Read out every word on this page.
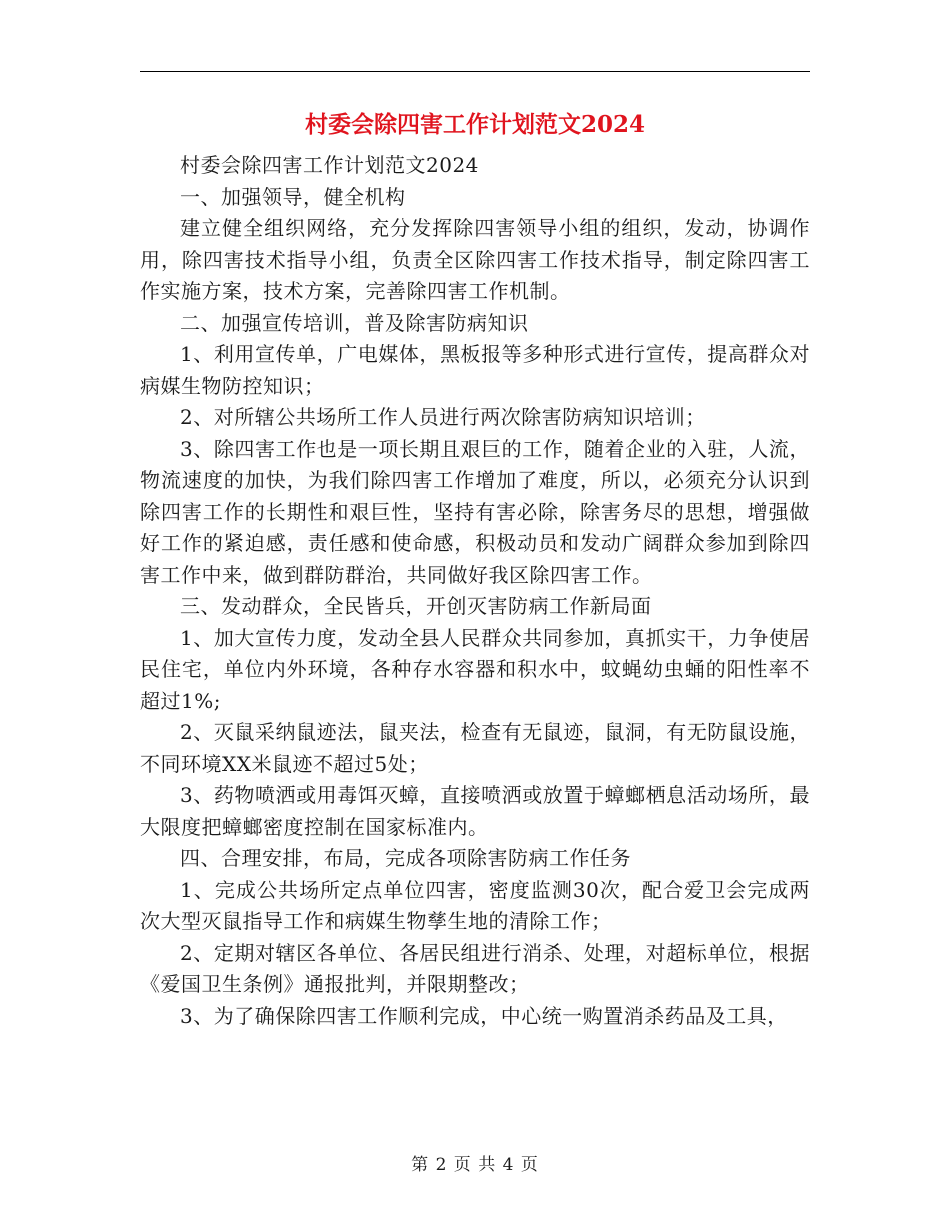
村委会除四害工作计划范文2024

村委会除四害工作计划范文2024

一、加强领导，健全机构

建立健全组织网络，充分发挥除四害领导小组的组织，发动，协调作用，除四害技术指导小组，负责全区除四害工作技术指导，制定除四害工作实施方案，技术方案，完善除四害工作机制。

二、加强宣传培训，普及除害防病知识

1、利用宣传单，广电媒体，黑板报等多种形式进行宣传，提高群众对病媒生物防控知识；

2、对所辖公共场所工作人员进行两次除害防病知识培训；

3、除四害工作也是一项长期且艰巨的工作，随着企业的入驻，人流，物流速度的加快，为我们除四害工作增加了难度，所以，必须充分认识到除四害工作的长期性和艰巨性，坚持有害必除，除害务尽的思想，增强做好工作的紧迫感，责任感和使命感，积极动员和发动广阔群众参加到除四害工作中来，做到群防群治，共同做好我区除四害工作。

三、发动群众，全民皆兵，开创灭害防病工作新局面

1、加大宣传力度，发动全县人民群众共同参加，真抓实干，力争使居民住宅，单位内外环境，各种存水容器和积水中，蚊蝇幼虫蛹的阳性率不超过1%;

2、灭鼠采纳鼠迹法，鼠夹法，检查有无鼠迹，鼠洞，有无防鼠设施，不同环境XX米鼠迹不超过5处；

3、药物喷洒或用毒饵灭蟑，直接喷洒或放置于蟑螂栖息活动场所，最大限度把蟑螂密度控制在国家标准内。

四、合理安排，布局，完成各项除害防病工作任务

1、完成公共场所定点单位四害，密度监测30次，配合爱卫会完成两次大型灭鼠指导工作和病媒生物孳生地的清除工作；

2、定期对辖区各单位、各居民组进行消杀、处理，对超标单位，根据《爱国卫生条例》通报批判，并限期整改；

3、为了确保除四害工作顺利完成，中心统一购置消杀药品及工具，

第 2 页 共 4 页
